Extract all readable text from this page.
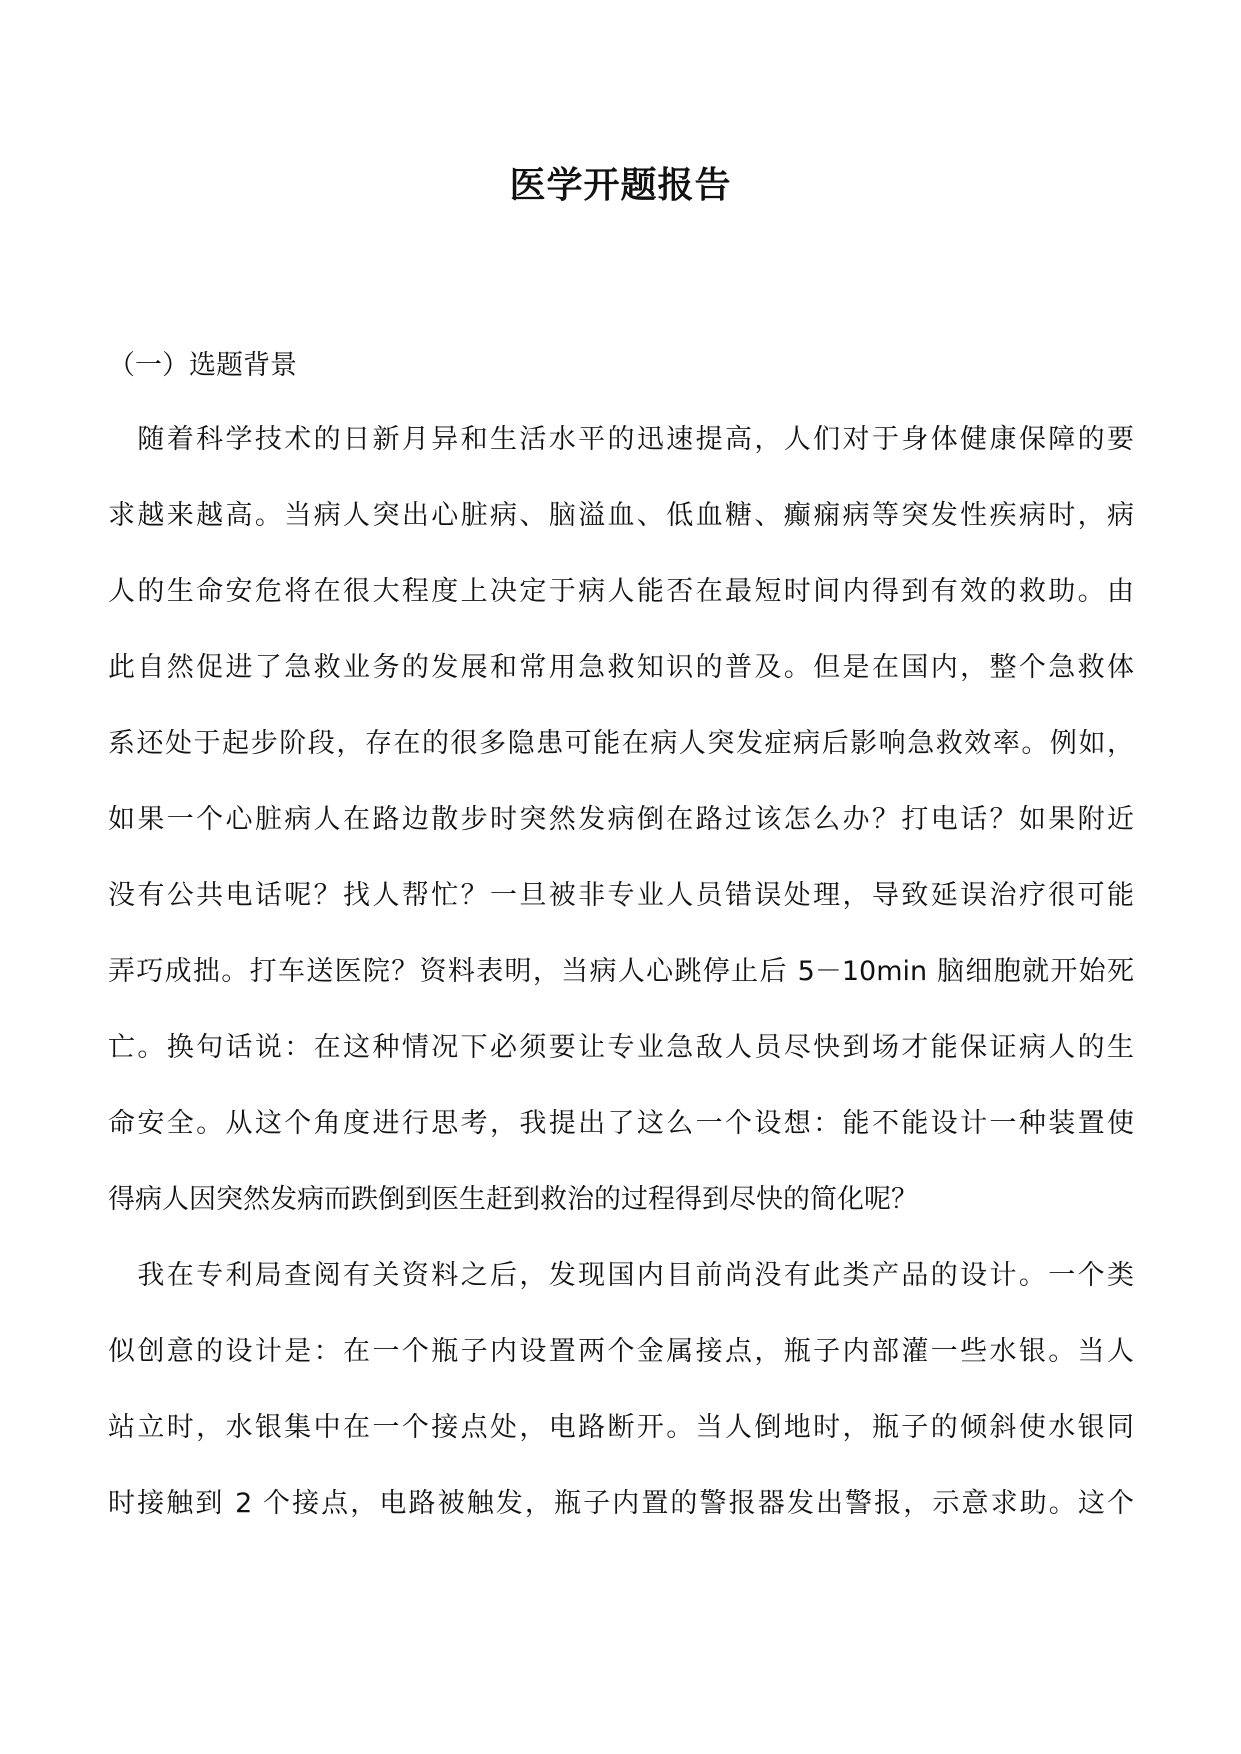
医学开题报告
（一）选题背景
　随着科学技术的日新月异和生活水平的迅速提高，人们对于身体健康保障的要
求越来越高。当病人突出心脏病、脑溢血、低血糖、癫痫病等突发性疾病时，病
人的生命安危将在很大程度上决定于病人能否在最短时间内得到有效的救助。由
此自然促进了急救业务的发展和常用急救知识的普及。但是在国内，整个急救体
系还处于起步阶段，存在的很多隐患可能在病人突发症病后影响急救效率。例如，
如果一个心脏病人在路边散步时突然发病倒在路过该怎么办？打电话？如果附近
没有公共电话呢？找人帮忙？一旦被非专业人员错误处理，导致延误治疗很可能
弄巧成拙。打车送医院？资料表明，当病人心跳停止后 5－10min 脑细胞就开始死
亡。换句话说：在这种情况下必须要让专业急敌人员尽快到场才能保证病人的生
命安全。从这个角度进行思考，我提出了这么一个设想：能不能设计一种装置使
得病人因突然发病而跌倒到医生赶到救治的过程得到尽快的简化呢？
　我在专利局查阅有关资料之后，发现国内目前尚没有此类产品的设计。一个类
似创意的设计是：在一个瓶子内设置两个金属接点，瓶子内部灌一些水银。当人
站立时，水银集中在一个接点处，电路断开。当人倒地时，瓶子的倾斜使水银同
时接触到 2 个接点，电路被触发，瓶子内置的警报器发出警报，示意求助。这个
